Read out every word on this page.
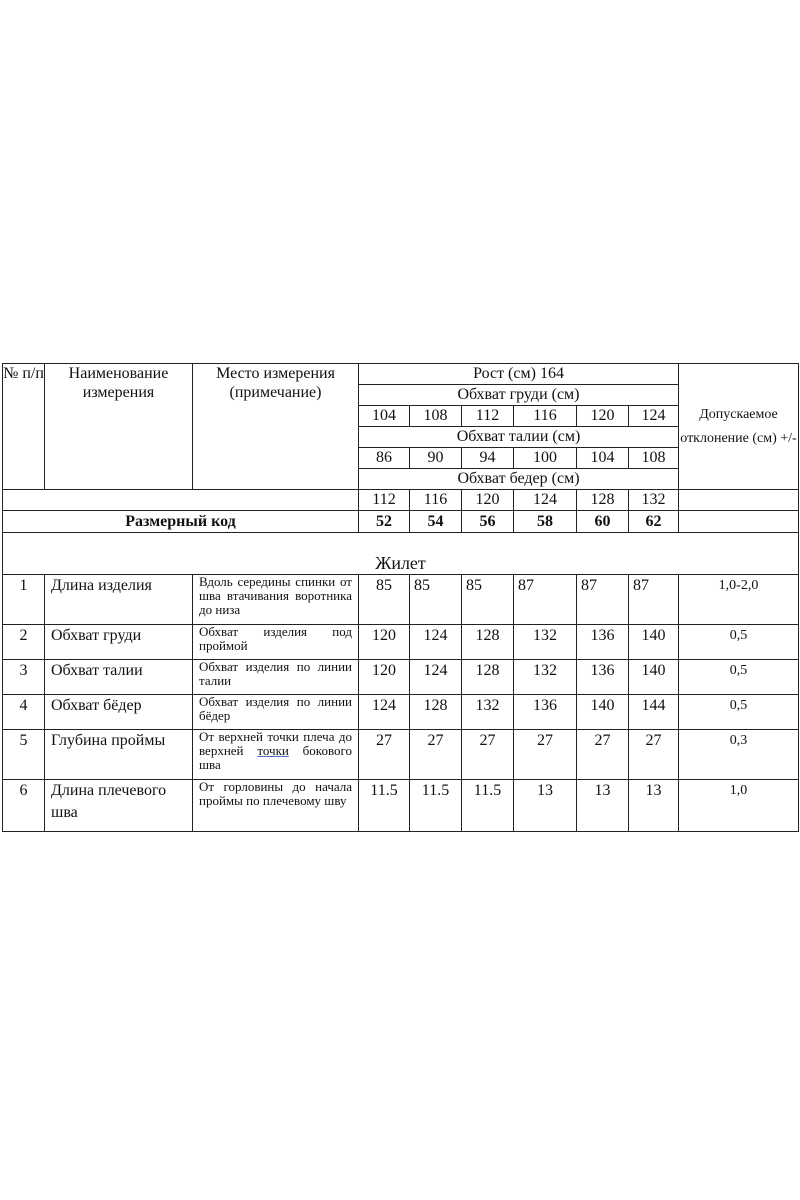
№ п/п	Наименование измерения	Место измерения (примечание)	Рост (см) 164						Допускаемое отклонение (см) +/-
			Обхват груди (см)						
			104	108	112	116	120	124	
			Обхват талии (см)						
			86	90	94	100	104	108	
			Обхват бедер (см)						
			112	116	120	124	128	132	
Размерный код			52	54	56	58	60	62	
Жилет									
1	Длина изделия	Вдоль середины спинки от шва втачивания воротника до низа	85	85	85	87	87	87	1,0-2,0
2	Обхват груди	Обхват изделия под проймой	120	124	128	132	136	140	0,5
3	Обхват талии	Обхват изделия по линии талии	120	124	128	132	136	140	0,5
4	Обхват бёдер	Обхват изделия по линии бёдер	124	128	132	136	140	144	0,5
5	Глубина проймы	От верхней точки плеча до верхней точки бокового шва	27	27	27	27	27	27	0,3
6	Длина плечевого шва	От горловины до начала проймы по плечевому шву	11.5	11.5	11.5	13	13	13	1,0
